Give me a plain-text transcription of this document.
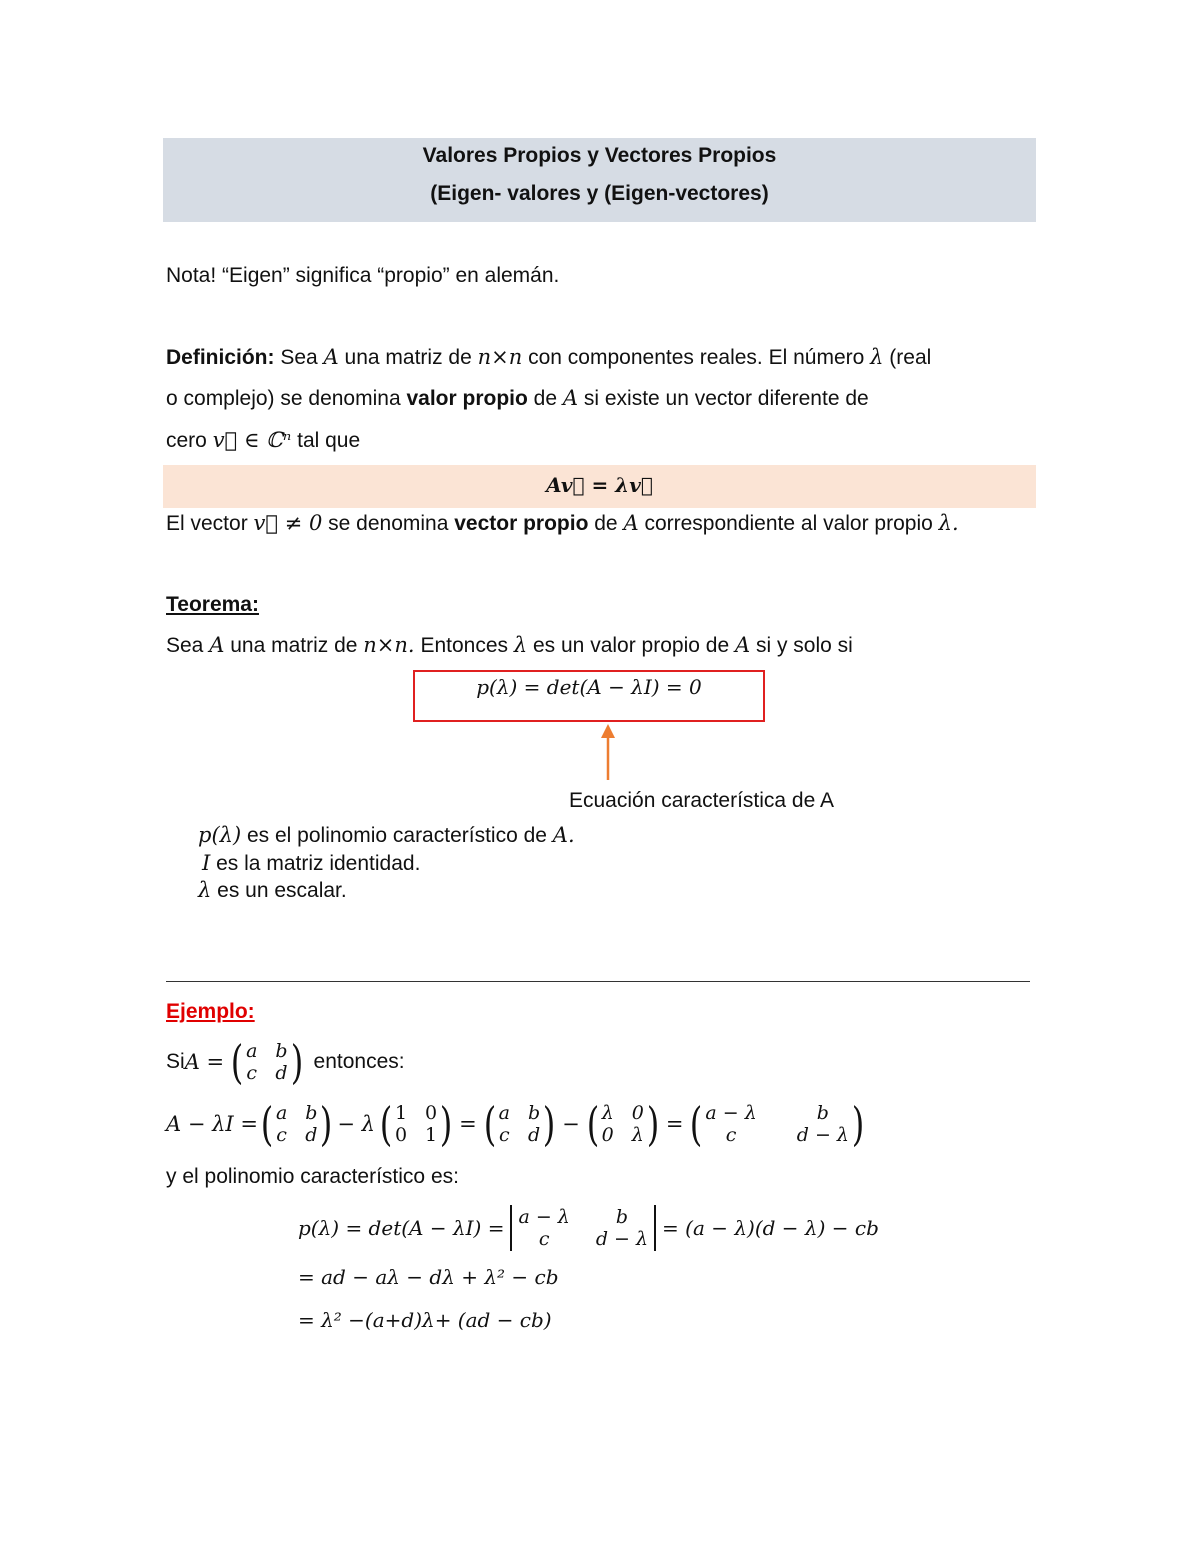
Valores Propios y Vectores Propios
(Eigen- valores y (Eigen-vectores)
Nota! “Eigen” significa “propio” en alemán.
Definición: Sea A una matriz de n×n con componentes reales. El número λ (real
o complejo) se denomina valor propio de A si existe un vector diferente de
cero v⃗ ∈ ℂⁿ tal que
Av⃗ = λv⃗
El vector v⃗ ≠ 0 se denomina vector propio de A correspondiente al valor propio λ.
Teorema:
Sea A una matriz de n×n. Entonces λ es un valor propio de A si y solo si
p(λ) = det(A − λI) = 0
Ecuación característica de A
p(λ) es el polinomio característico de A.
I es la matriz identidad.
λ es un escalar.
Ejemplo:
Si A = ( a b
c d ) entonces:
A − λI = ( a b
c d ) − λ ( 1 0
0 1 ) = ( a b
c d ) − ( λ 0
0 λ ) = ( a − λ	b
c	d − λ )
y el polinomio característico es:
p(λ) = det(A − λI) = a − λ	b
c	d − λ = (a − λ)(d − λ) − cb
= ad − aλ − dλ + λ² − cb
= λ² −(a+d)λ+ (ad − cb)
